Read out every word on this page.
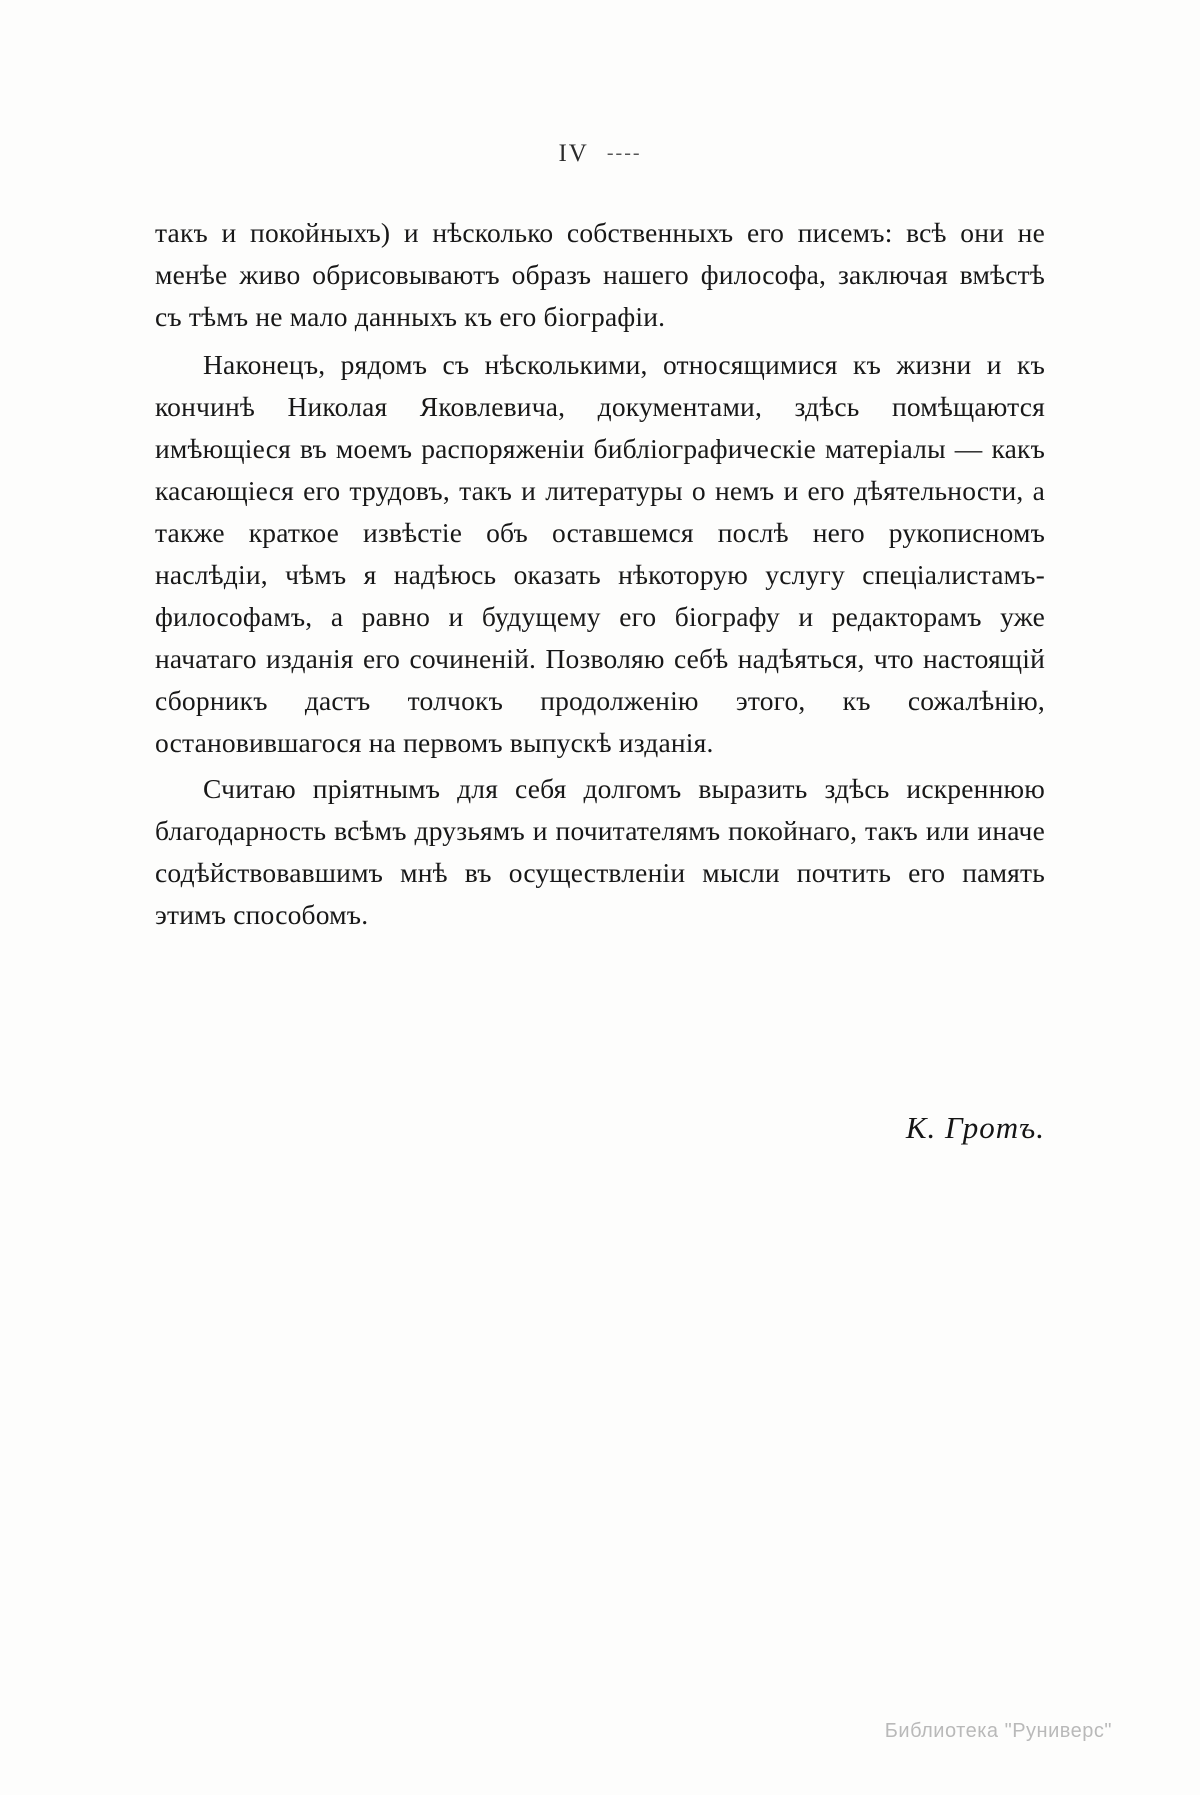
IV ----

такъ и покойныхъ) и нѣсколько собственныхъ его писемъ: всѣ они не менѣе живо обрисовываютъ образъ нашего философа, заключая вмѣстѣ съ тѣмъ не мало данныхъ къ его біографіи.

Наконецъ, рядомъ съ нѣсколькими, относящимися къ жизни и къ кончинѣ Николая Яковлевича, документами, здѣсь помѣщаются имѣющіеся въ моемъ распоряженіи библіографическіе матеріалы — какъ касающіеся его трудовъ, такъ и литературы о немъ и его дѣятельности, а также краткое извѣстіе объ оставшемся послѣ него рукописномъ наслѣдіи, чѣмъ я надѣюсь оказать нѣкоторую услугу спеціалистамъ-философамъ, а равно и будущему его біографу и редакторамъ уже начатаго изданія его сочиненій. Позволяю себѣ надѣяться, что настоящій сборникъ дастъ толчокъ продолженію этого, къ сожалѣнію, остановившагося на первомъ выпускѣ изданія.

Считаю пріятнымъ для себя долгомъ выразить здѣсь искреннюю благодарность всѣмъ друзьямъ и почитателямъ покойнаго, такъ или иначе содѣйствовавшимъ мнѣ въ осуществленіи мысли почтить его память этимъ способомъ.

К. Гротъ.
Библиотека "Руниверс"
